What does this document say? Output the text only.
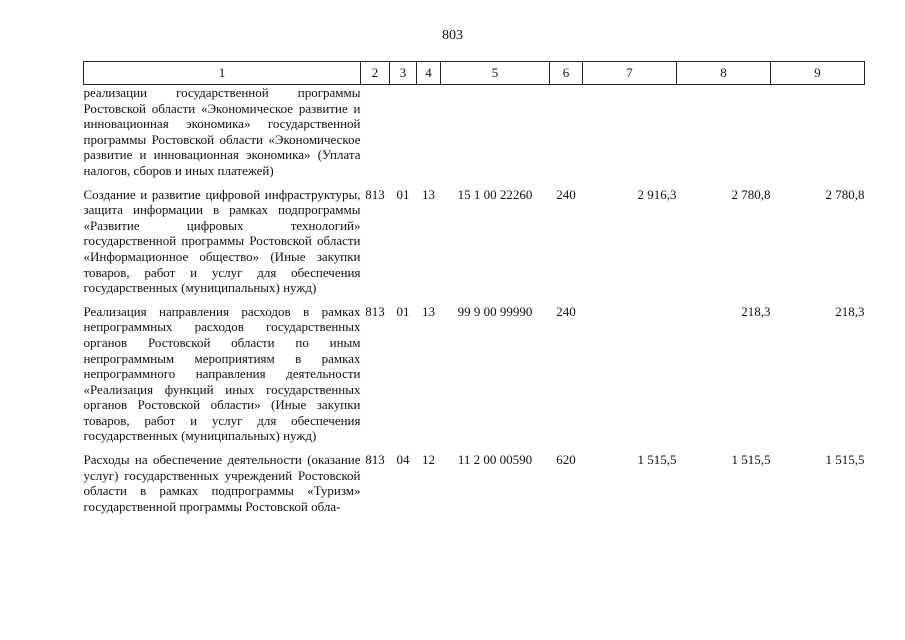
803
1	2	3	4	5	6	7	8	9
реализации государственной программы Ростовской области «Экономическое развитие и инновационная экономика» государственной программы Ростовской области «Экономическое развитие и инновационная экономика» (Уплата налогов, сборов и иных платежей)								
Создание и развитие цифровой инфраструктуры, защита информации в рамках подпрограммы «Развитие цифровых технологий» государственной программы Ростовской области «Информационное общество» (Иные закупки товаров, работ и услуг для обеспечения государственных (муниципальных) нужд)	813	01	13	15 1 00 22260	240	2 916,3	2 780,8	2 780,8
Реализация направления расходов в рамках непрограммных расходов государственных органов Ростовской области по иным непрограммным мероприятиям в рамках непрограммного направления деятельности «Реализация функций иных государственных органов Ростовской области» (Иные закупки товаров, работ и услуг для обеспечения государственных (муниципальных) нужд)	813	01	13	99 9 00 99990	240		218,3	218,3
Расходы на обеспечение деятельности (оказание услуг) государственных учреждений Ростовской области в рамках подпрограммы «Туризм» государственной программы Ростовской обла-	813	04	12	11 2 00 00590	620	1 515,5	1 515,5	1 515,5
